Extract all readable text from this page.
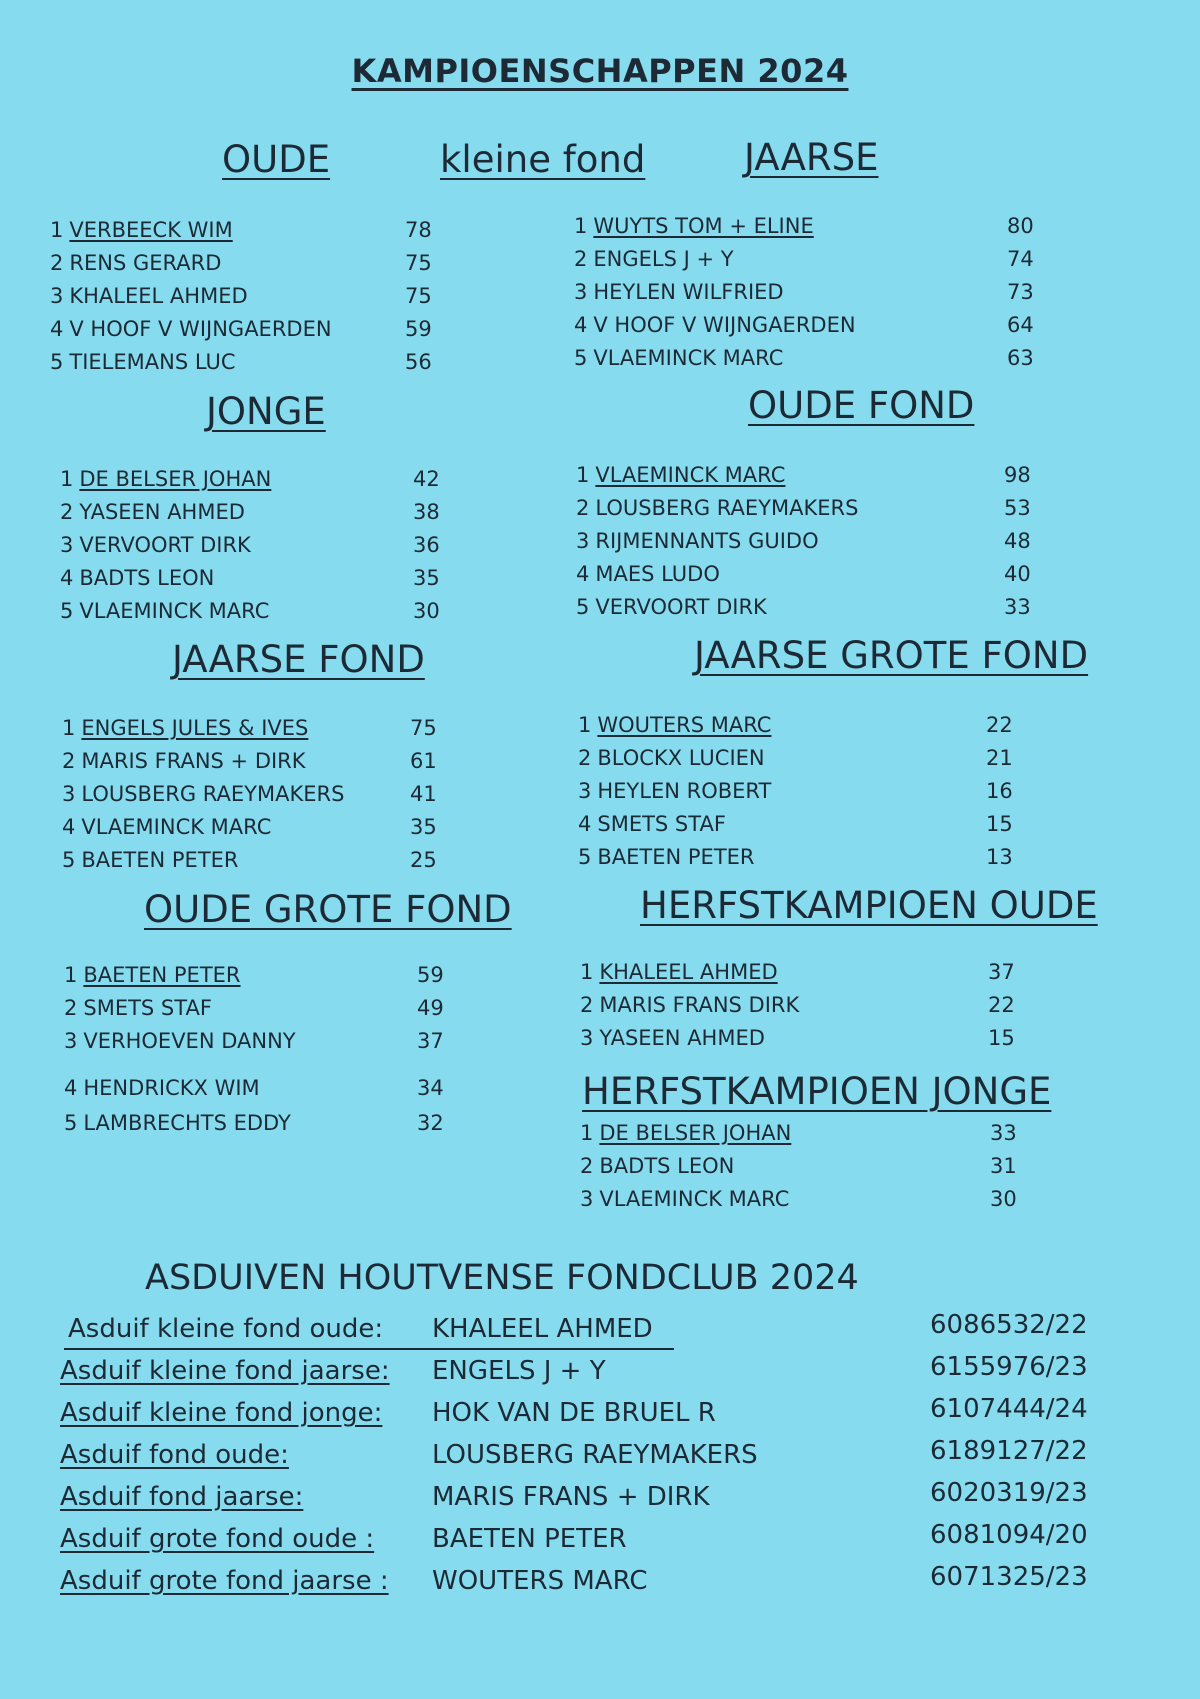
KAMPIOENSCHAPPEN 2024
OUDE	kleine fond	JAARSE
JONGE	OUDE FOND
JAARSE FOND	JAARSE GROTE FOND
OUDE GROTE FOND	HERFSTKAMPIOEN OUDE
HERFSTKAMPIOEN JONGE
1 VERBEECK WIM	78
2 RENS GERARD	75
3 KHALEEL AHMED	75
4 V HOOF V WIJNGAERDEN	59
5 TIELEMANS LUC	56
1 WUYTS TOM + ELINE	80
2 ENGELS J + Y	74
3 HEYLEN WILFRIED	73
4 V HOOF V WIJNGAERDEN	64
5 VLAEMINCK MARC	63
1 DE BELSER JOHAN	42
2 YASEEN AHMED	38
3 VERVOORT DIRK	36
4 BADTS LEON	35
5 VLAEMINCK MARC	30
1 VLAEMINCK MARC	98
2 LOUSBERG RAEYMAKERS	53
3 RIJMENNANTS GUIDO	48
4 MAES LUDO	40
5 VERVOORT DIRK	33
1 ENGELS JULES & IVES	75
2 MARIS FRANS + DIRK	61
3 LOUSBERG RAEYMAKERS	41
4 VLAEMINCK MARC	35
5 BAETEN PETER	25
1 WOUTERS MARC	22
2 BLOCKX LUCIEN	21
3 HEYLEN ROBERT	16
4 SMETS STAF	15
5 BAETEN PETER	13
1 BAETEN PETER	59
2 SMETS STAF	49
3 VERHOEVEN DANNY	37
4 HENDRICKX WIM	34
5 LAMBRECHTS EDDY	32
1 KHALEEL AHMED	37
2 MARIS FRANS DIRK	22
3 YASEEN AHMED	15
1 DE BELSER JOHAN	33
2 BADTS LEON	31
3 VLAEMINCK MARC	30
ASDUIVEN HOUTVENSE FONDCLUB 2024
Asduif kleine fond oude: KHALEEL AHMED	6086532/22
Asduif kleine fond jaarse: ENGELS J + Y	6155976/23
Asduif kleine fond jonge: HOK VAN DE BRUEL R	6107444/24
Asduif fond oude:	LOUSBERG RAEYMAKERS	6189127/22
Asduif fond jaarse:	MARIS FRANS + DIRK	6020319/23
Asduif grote fond oude : BAETEN PETER	6081094/20
Asduif grote fond jaarse : WOUTERS MARC	6071325/23
